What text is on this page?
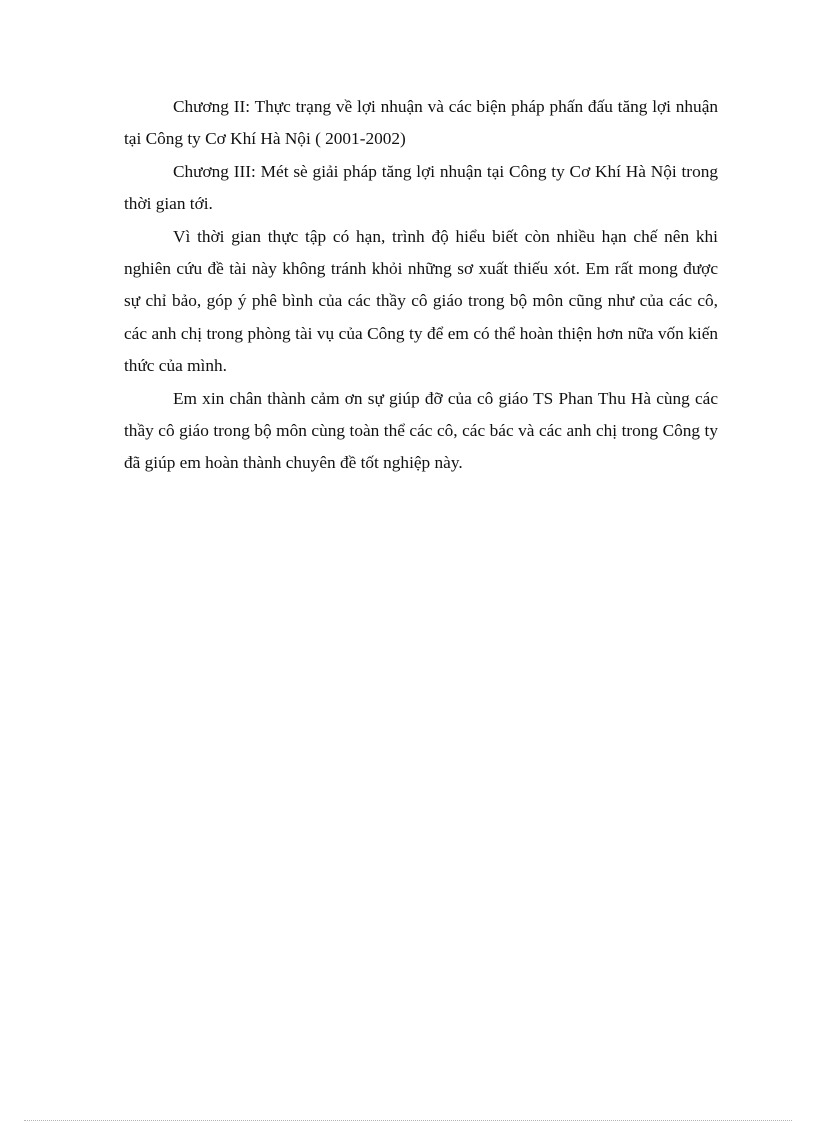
Chương II: Thực trạng về lợi nhuận và các biện pháp phấn đấu tăng lợi nhuận tại Công ty Cơ Khí Hà Nội ( 2001-2002)

Chương III: Mét sè giải pháp tăng lợi nhuận tại Công ty Cơ Khí Hà Nội trong thời gian tới.

Vì thời gian thực tập có hạn, trình độ hiểu biết còn nhiều hạn chế nên khi nghiên cứu đề tài này không tránh khỏi những sơ xuất thiếu xót. Em rất mong được sự chỉ bảo, góp ý phê bình của các thầy cô giáo trong bộ môn cũng như của các cô, các anh chị trong phòng tài vụ của Công ty để em có thể hoàn thiện hơn nữa vốn kiến thức của mình.

Em xin chân thành cảm ơn sự giúp đỡ của cô giáo TS Phan Thu Hà cùng các thầy cô giáo trong bộ môn cùng toàn thể các cô, các bác và các anh chị trong Công ty đã giúp em hoàn thành chuyên đề tốt nghiệp này.
